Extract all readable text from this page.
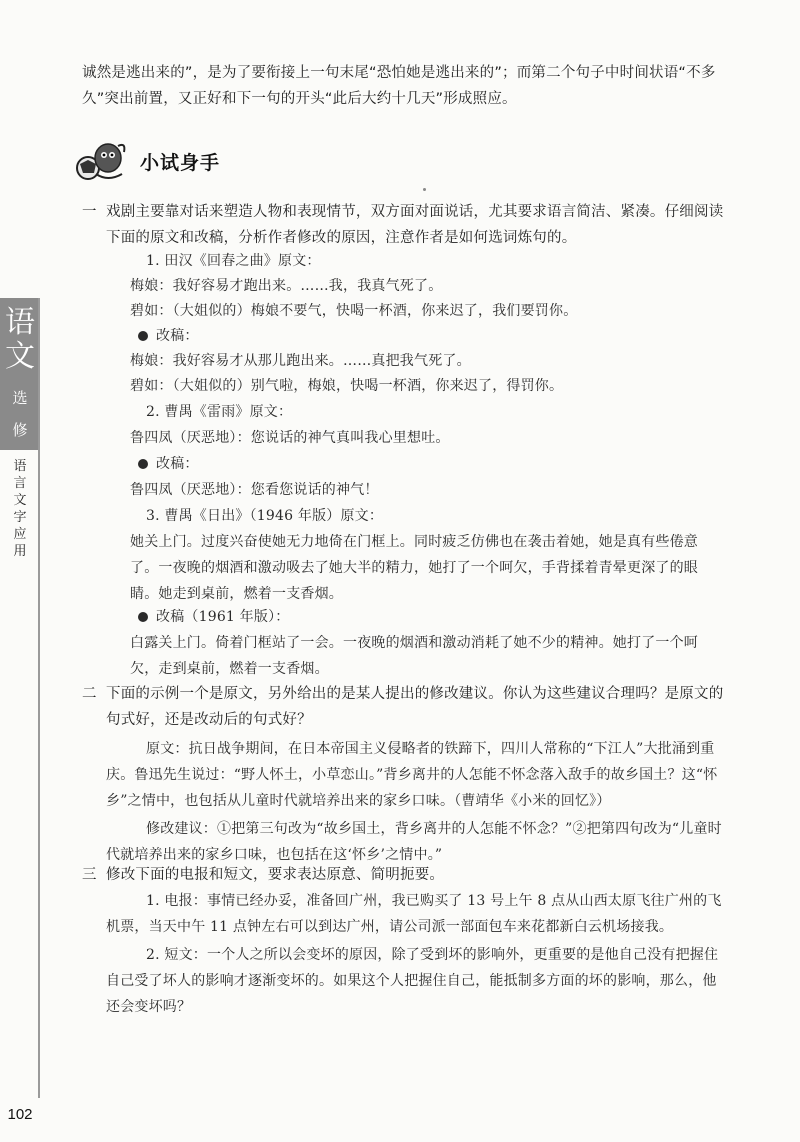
语
文
选
修
语言文字应用
102

诚然是逃出来的”，是为了要衔接上一句末尾“恐怕她是逃出来的”；而第二个句子中时间状语“不多久”突出前置，又正好和下一句的开头“此后大约十几天”形成照应。

小试身手
一 戏剧主要靠对话来塑造人物和表现情节，双方面对面说话，尤其要求语言简洁、紧凑。仔细阅读下面的原文和改稿，分析作者修改的原因，注意作者是如何选词炼句的。

1. 田汉《回春之曲》原文：

梅娘：我好容易才跑出来。……我，我真气死了。

碧如：（大姐似的）梅娘不要气，快喝一杯酒，你来迟了，我们要罚你。

改稿：

梅娘：我好容易才从那儿跑出来。……真把我气死了。

碧如：（大姐似的）别气啦，梅娘，快喝一杯酒，你来迟了，得罚你。

2. 曹禺《雷雨》原文：

鲁四凤（厌恶地）：您说话的神气真叫我心里想吐。

改稿：

鲁四凤（厌恶地）：您看您说话的神气！

3. 曹禺《日出》（1946 年版）原文：

她关上门。过度兴奋使她无力地倚在门框上。同时疲乏仿佛也在袭击着她，她是真有些倦意了。一夜晚的烟酒和激动吸去了她大半的精力，她打了一个呵欠，手背揉着青晕更深了的眼睛。她走到桌前，燃着一支香烟。

改稿（1961 年版）：

白露关上门。倚着门框站了一会。一夜晚的烟酒和激动消耗了她不少的精神。她打了一个呵欠，走到桌前，燃着一支香烟。

二 下面的示例一个是原文，另外给出的是某人提出的修改建议。你认为这些建议合理吗？是原文的句式好，还是改动后的句式好？

原文：抗日战争期间，在日本帝国主义侵略者的铁蹄下，四川人常称的“下江人”大批涌到重庆。鲁迅先生说过：“野人怀土，小草恋山。”背乡离井的人怎能不怀念落入敌手的故乡国土？这“怀乡”之情中，也包括从儿童时代就培养出来的家乡口味。（曹靖华《小米的回忆》）

修改建议：①把第三句改为“故乡国土，背乡离井的人怎能不怀念？”②把第四句改为“儿童时代就培养出来的家乡口味，也包括在这‘怀乡’之情中。”

三 修改下面的电报和短文，要求表达原意、简明扼要。

1. 电报：事情已经办妥，准备回广州，我已购买了 13 号上午 8 点从山西太原飞往广州的飞机票，当天中午 11 点钟左右可以到达广州，请公司派一部面包车来花都新白云机场接我。

2. 短文：一个人之所以会变坏的原因，除了受到坏的影响外，更重要的是他自己没有把握住自己受了坏人的影响才逐渐变坏的。如果这个人把握住自己，能抵制多方面的坏的影响，那么，他还会变坏吗？
